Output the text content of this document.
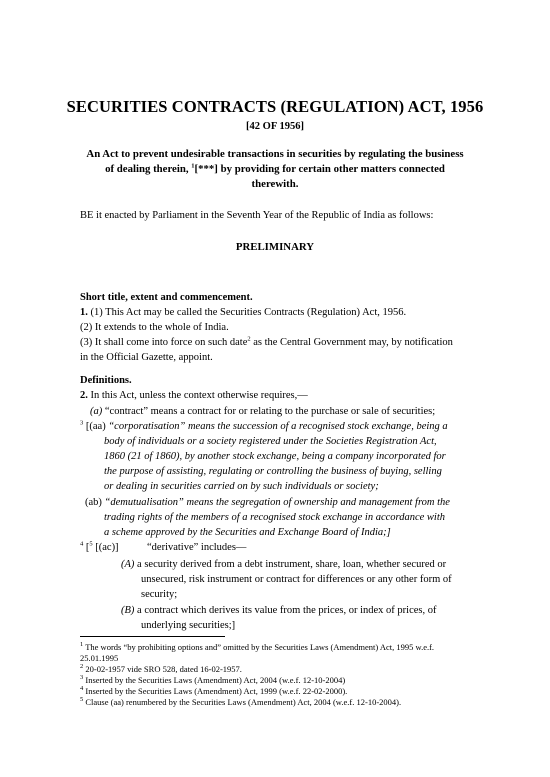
SECURITIES CONTRACTS (REGULATION) ACT, 1956
[42 OF 1956]
An Act to prevent undesirable transactions in securities by regulating the business
of dealing therein, $^1$[***] by providing for certain other matters connected
therewith.
BE it enacted by Parliament in the Seventh Year of the Republic of India as follows:
PRELIMINARY
Short title, extent and commencement.
1. (1) This Act may be called the Securities Contracts (Regulation) Act, 1956.
(2) It extends to the whole of India.
(3) It shall come into force on such date$^2$ as the Central Government may, by notification
in the Official Gazette, appoint.
Definitions.
2. In this Act, unless the context otherwise requires,—
(a) “contract” means a contract for or relating to the purchase or sale of securities;
$^3$ [(aa) “corporatisation” means the succession of a recognised stock exchange, being a
body of individuals or a society registered under the Societies Registration Act,
1860 (21 of 1860), by another stock exchange, being a company incorporated for
the purpose of assisting, regulating or controlling the business of buying, selling
or dealing in securities carried on by such individuals or society;
(ab) “demutualisation” means the segregation of ownership and management from the
trading rights of the members of a recognised stock exchange in accordance with
a scheme approved by the Securities and Exchange Board of India;]
$^4$ [$^5$ [(ac)]	“derivative” includes—
(A) a security derived from a debt instrument, share, loan, whether secured or
unsecured, risk instrument or contract for differences or any other form of
security;
(B) a contract which derives its value from the prices, or index of prices, of
underlying securities;]
$^1$ The words “by prohibiting options and” omitted by the Securities Laws (Amendment) Act, 1995 w.e.f.
25.01.1995
$^2$ 20-02-1957 vide SRO 528, dated 16-02-1957.
$^3$ Inserted by the Securities Laws (Amendment) Act, 2004 (w.e.f. 12-10-2004)
$^4$ Inserted by the Securities Laws (Amendment) Act, 1999 (w.e.f. 22-02-2000).
$^5$ Clause (aa) renumbered by the Securities Laws (Amendment) Act, 2004 (w.e.f. 12-10-2004).
